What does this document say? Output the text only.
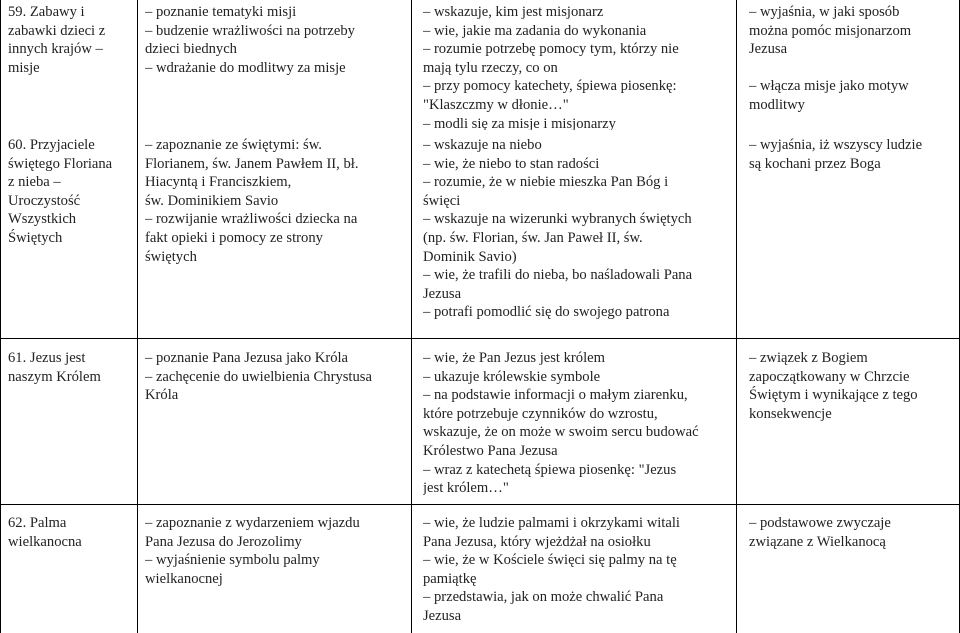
59. Zabawy i
zabawki dzieci z
innych krajów –
misje
– poznanie tematyki misji
– budzenie wrażliwości na potrzeby
dzieci biednych
– wdrażanie do modlitwy za misje
– wskazuje, kim jest misjonarz
– wie, jakie ma zadania do wykonania
– rozumie potrzebę pomocy tym, którzy nie
mają tylu rzeczy, co on
– przy pomocy katechety, śpiewa piosenkę:
"Klaszczmy w dłonie…"
– modli się za misje i misjonarzy
– wyjaśnia, w jaki sposób
można pomóc misjonarzom
Jezusa
– włącza misje jako motyw
modlitwy
60. Przyjaciele
świętego Floriana
z nieba –
Uroczystość
Wszystkich
Świętych
– zapoznanie ze świętymi: św.
Florianem, św. Janem Pawłem II, bł.
Hiacyntą i Franciszkiem,
św. Dominikiem Savio
– rozwijanie wrażliwości dziecka na
fakt opieki i pomocy ze strony
świętych
– wskazuje na niebo
– wie, że niebo to stan radości
– rozumie, że w niebie mieszka Pan Bóg i
święci
– wskazuje na wizerunki wybranych świętych
(np. św. Florian, św. Jan Paweł II, św.
Dominik Savio)
– wie, że trafili do nieba, bo naśladowali Pana
Jezusa
– potrafi pomodlić się do swojego patrona
– wyjaśnia, iż wszyscy ludzie
są kochani przez Boga
61. Jezus jest
naszym Królem
– poznanie Pana Jezusa jako Króla
– zachęcenie do uwielbienia Chrystusa
Króla
– wie, że Pan Jezus jest królem
– ukazuje królewskie symbole
– na podstawie informacji o małym ziarenku,
które potrzebuje czynników do wzrostu,
wskazuje, że on może w swoim sercu budować
Królestwo Pana Jezusa
– wraz z katechetą śpiewa piosenkę: "Jezus
jest królem…"
– związek z Bogiem
zapoczątkowany w Chrzcie
Świętym i wynikające z tego
konsekwencje
62. Palma
wielkanocna
– zapoznanie z wydarzeniem wjazdu
Pana Jezusa do Jerozolimy
– wyjaśnienie symbolu palmy
wielkanocnej
– wie, że ludzie palmami i okrzykami witali
Pana Jezusa, który wjeżdżał na osiołku
– wie, że w Kościele święci się palmy na tę
pamiątkę
– przedstawia, jak on może chwalić Pana
Jezusa
– podstawowe zwyczaje
związane z Wielkanocą
